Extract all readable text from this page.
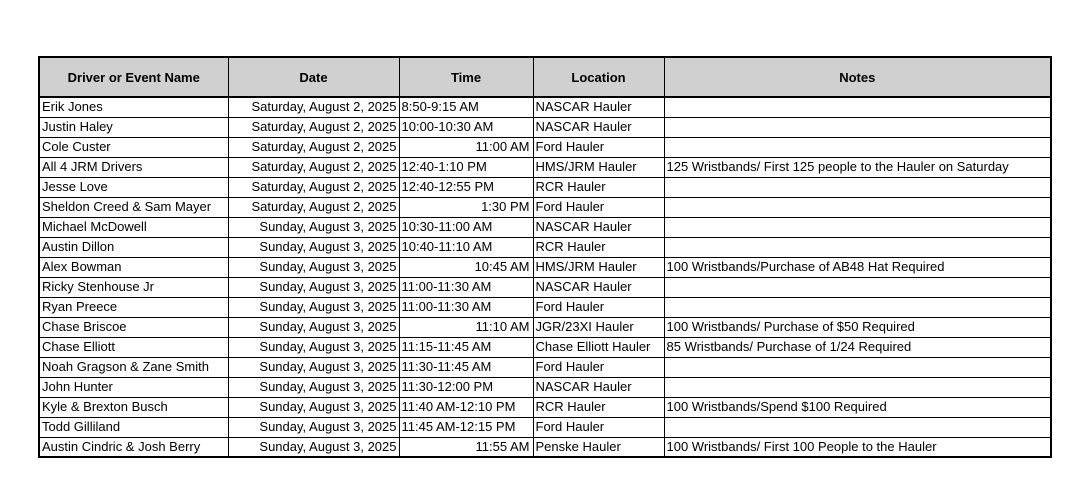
Driver or Event Name	Date	Time	Location	Notes
Erik Jones	Saturday, August 2, 2025	8:50-9:15 AM	NASCAR Hauler	
Justin Haley	Saturday, August 2, 2025	10:00-10:30 AM	NASCAR Hauler	
Cole Custer	Saturday, August 2, 2025	11:00 AM	Ford Hauler	
All 4 JRM Drivers	Saturday, August 2, 2025	12:40-1:10 PM	HMS/JRM Hauler	125 Wristbands/ First 125 people to the Hauler on Saturday
Jesse Love	Saturday, August 2, 2025	12:40-12:55 PM	RCR Hauler	
Sheldon Creed & Sam Mayer	Saturday, August 2, 2025	1:30 PM	Ford Hauler	
Michael McDowell	Sunday, August 3, 2025	10:30-11:00 AM	NASCAR Hauler	
Austin Dillon	Sunday, August 3, 2025	10:40-11:10 AM	RCR Hauler	
Alex Bowman	Sunday, August 3, 2025	10:45 AM	HMS/JRM Hauler	100 Wristbands/Purchase of AB48 Hat Required
Ricky Stenhouse Jr	Sunday, August 3, 2025	11:00-11:30 AM	NASCAR Hauler	
Ryan Preece	Sunday, August 3, 2025	11:00-11:30 AM	Ford Hauler	
Chase Briscoe	Sunday, August 3, 2025	11:10 AM	JGR/23XI Hauler	100 Wristbands/ Purchase of $50 Required
Chase Elliott	Sunday, August 3, 2025	11:15-11:45 AM	Chase Elliott Hauler	85 Wristbands/ Purchase of 1/24 Required
Noah Gragson & Zane Smith	Sunday, August 3, 2025	11:30-11:45 AM	Ford Hauler	
John Hunter	Sunday, August 3, 2025	11:30-12:00 PM	NASCAR Hauler	
Kyle & Brexton Busch	Sunday, August 3, 2025	11:40 AM-12:10 PM	RCR Hauler	100 Wristbands/Spend $100 Required
Todd Gilliland	Sunday, August 3, 2025	11:45 AM-12:15 PM	Ford Hauler	
Austin Cindric & Josh Berry	Sunday, August 3, 2025	11:55 AM	Penske Hauler	100 Wristbands/ First 100 People to the Hauler
